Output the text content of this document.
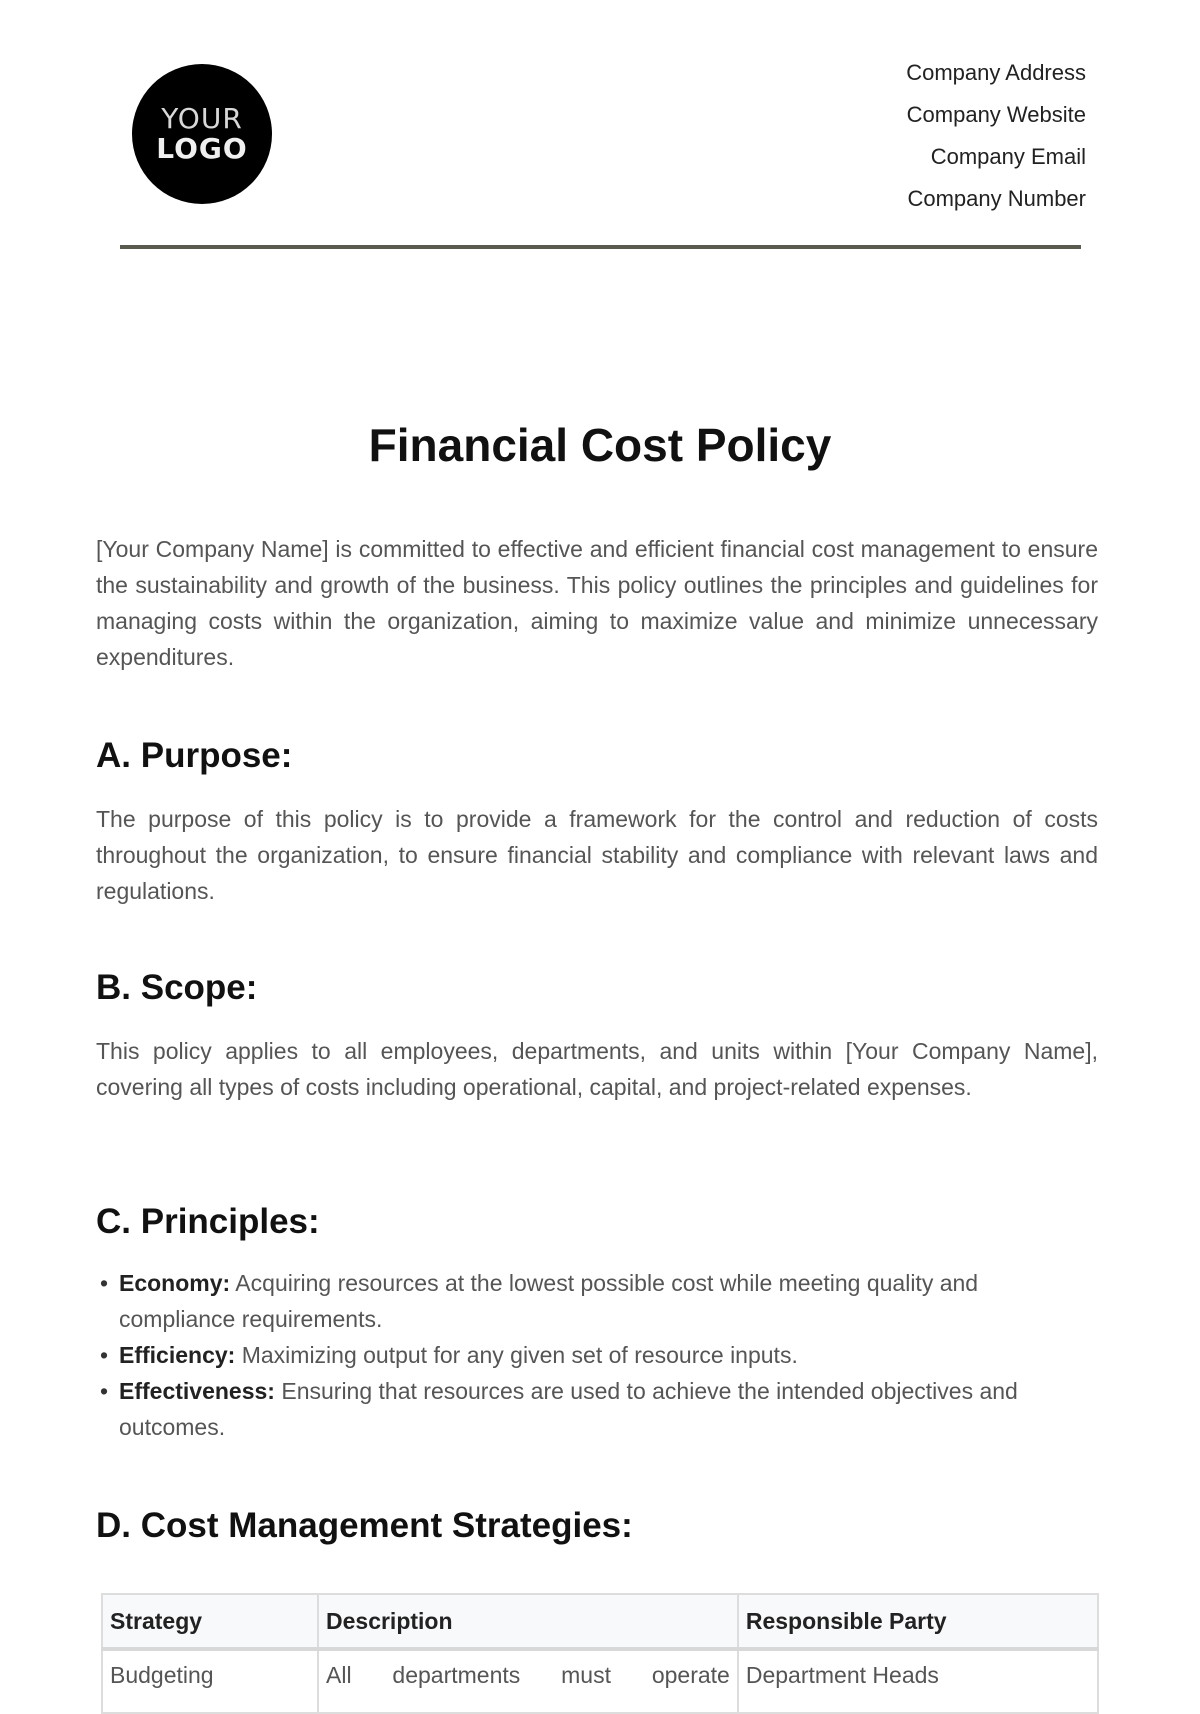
YOUR
LOGO
Company Address
Company Website
Company Email
Company Number
Financial Cost Policy

[Your Company Name] is committed to effective and efficient financial cost management to ensure the sustainability and growth of the business. This policy outlines the principles and guidelines for managing costs within the organization, aiming to maximize value and minimize unnecessary expenditures.

A. Purpose:

The purpose of this policy is to provide a framework for the control and reduction of costs throughout the organization, to ensure financial stability and compliance with relevant laws and regulations.

B. Scope:

This policy applies to all employees, departments, and units within [Your Company Name], covering all types of costs including operational, capital, and project-related expenses.

C. Principles:
• Economy: Acquiring resources at the lowest possible cost while meeting quality and compliance requirements.
• Efficiency: Maximizing output for any given set of resource inputs.
• Effectiveness: Ensuring that resources are used to achieve the intended objectives and outcomes.
D. Cost Management Strategies:
Strategy	Description	Responsible Party
Budgeting	All departments must operate	Department Heads
